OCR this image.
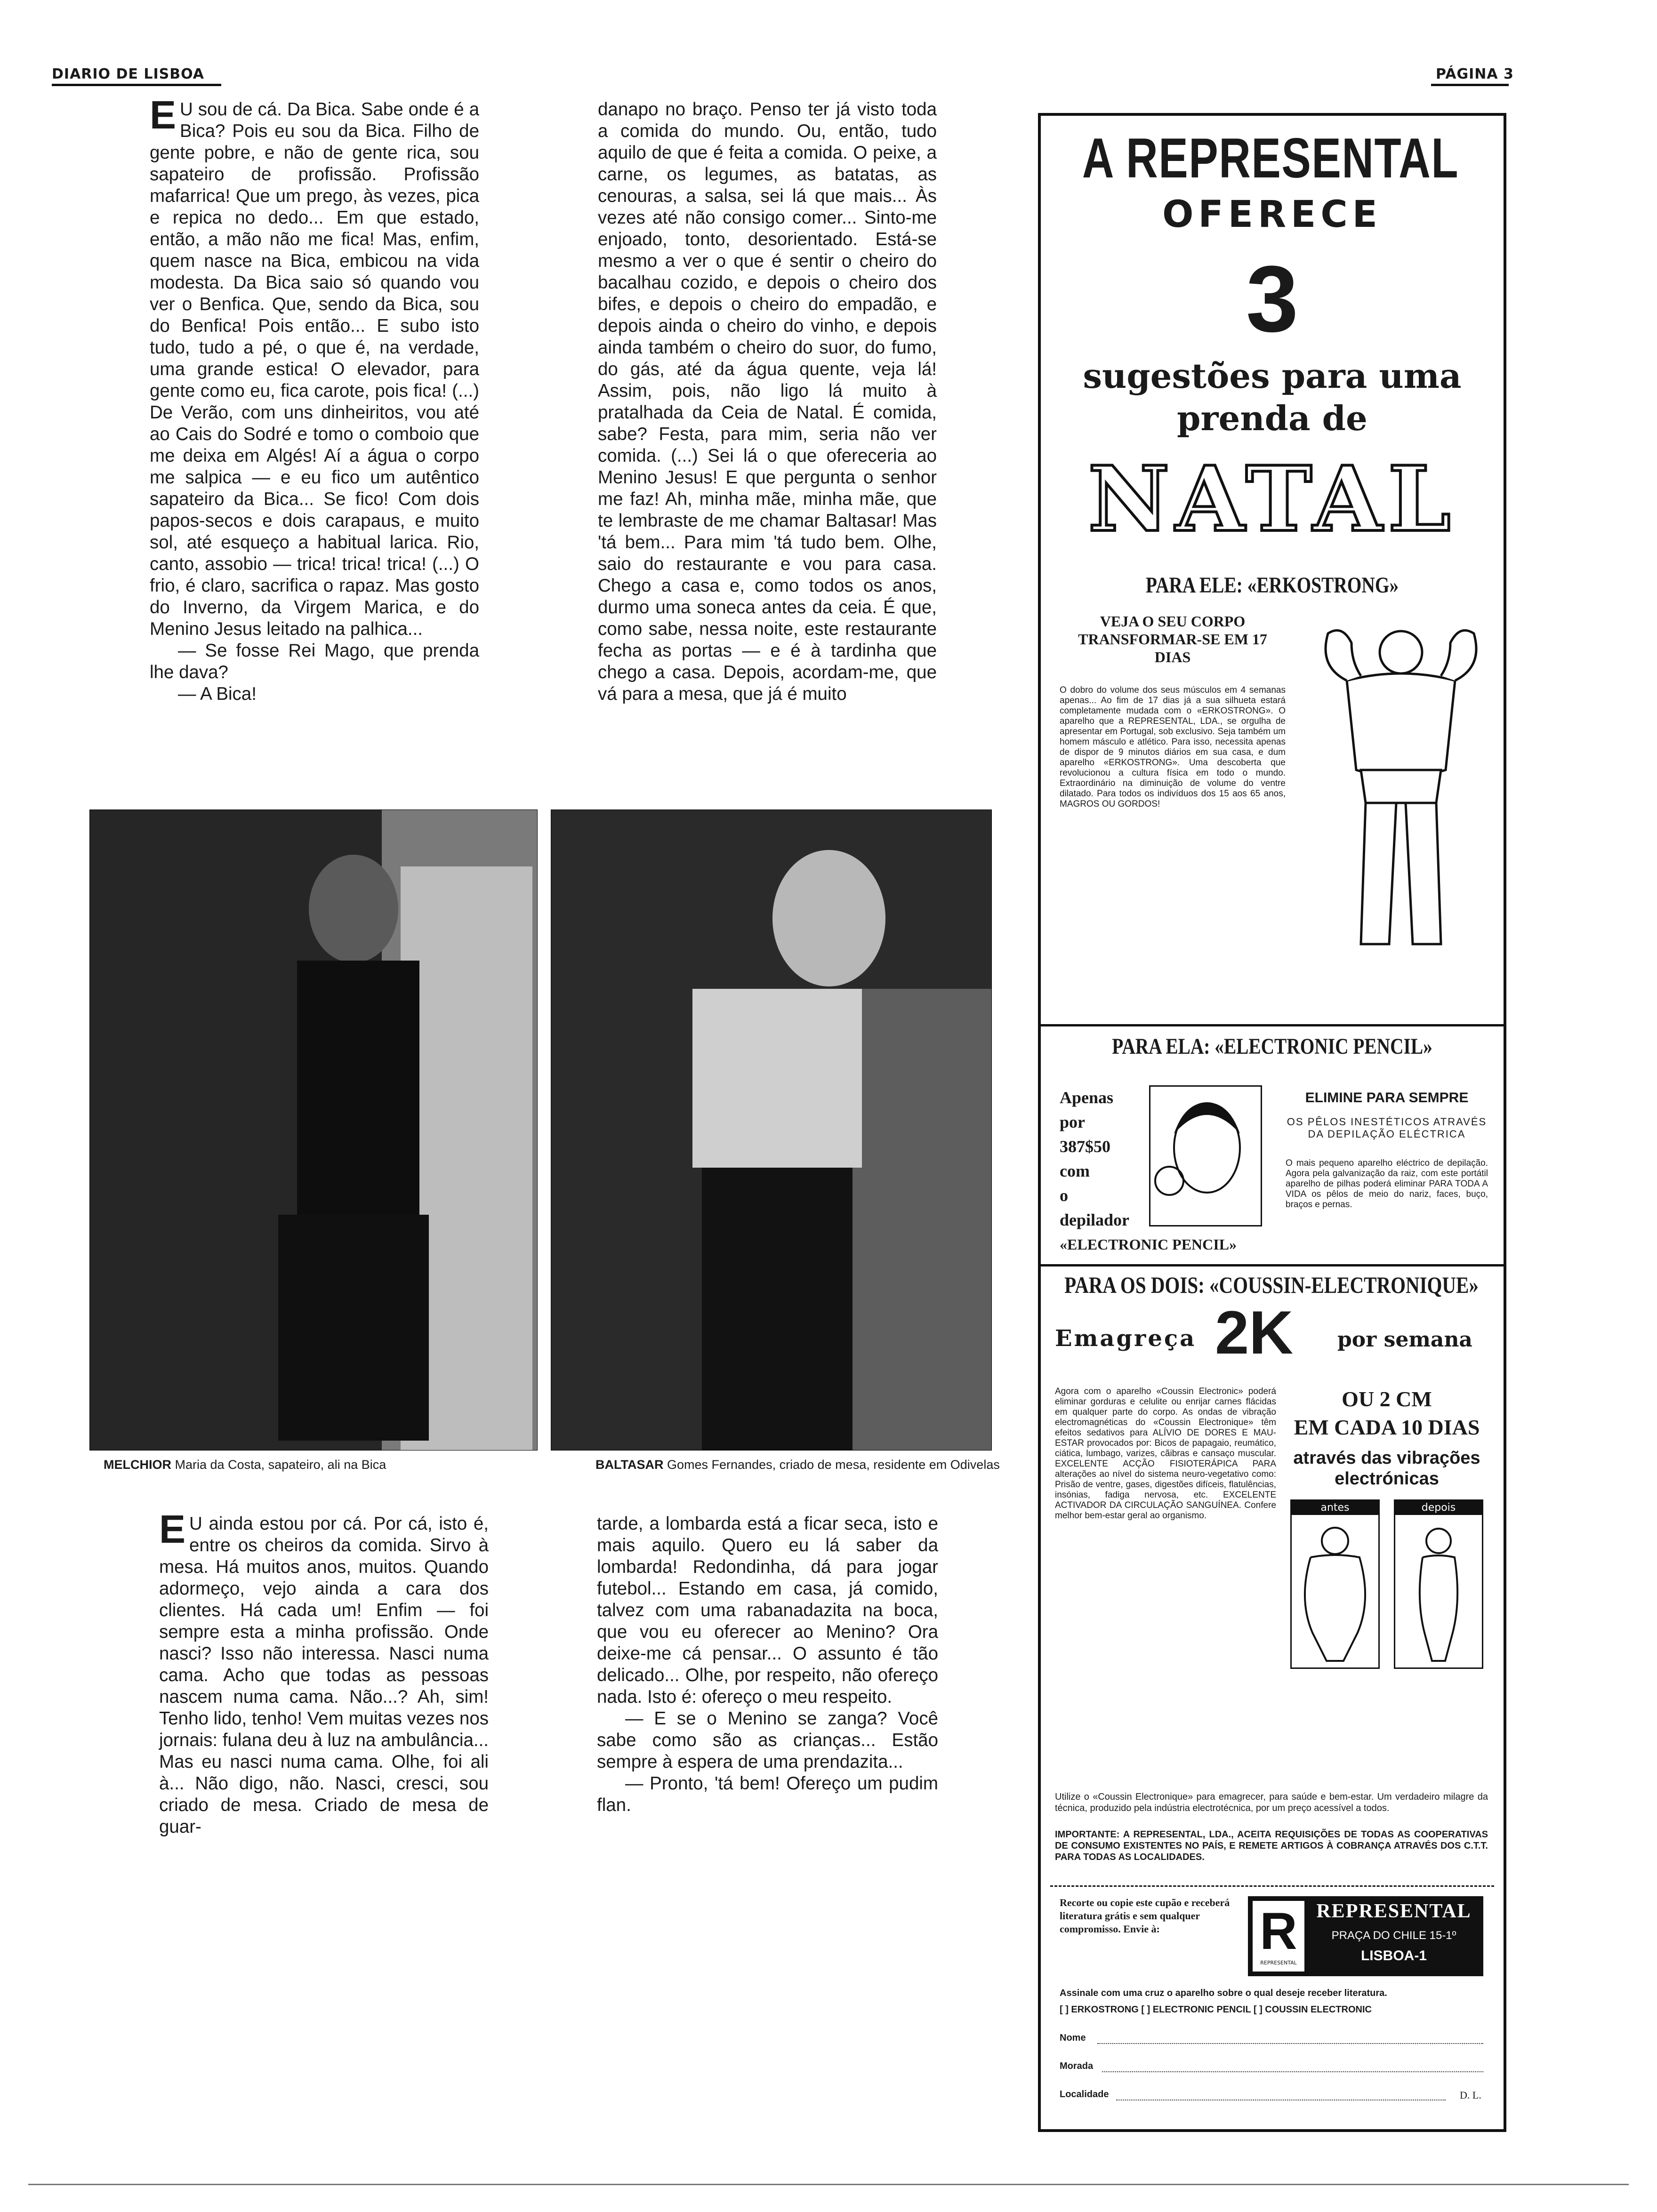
DIARIO DE LISBOA	PÁGINA 3

EU sou de cá. Da Bica. Sabe onde é a Bica? Pois eu sou da Bica. Filho de gente pobre, e não de gente rica, sou sapateiro de profissão. Profissão mafarrica! Que um prego, às vezes, pica e repica no dedo... Em que estado, então, a mão não me fica! Mas, enfim, quem nasce na Bica, embicou na vida modesta. Da Bica saio só quando vou ver o Benfica. Que, sendo da Bica, sou do Benfica! Pois então... E subo isto tudo, tudo a pé, o que é, na verdade, uma grande estica! O elevador, para gente como eu, fica carote, pois fica! (...) De Verão, com uns dinheiritos, vou até ao Cais do Sodré e tomo o comboio que me deixa em Algés! Aí a água o corpo me salpica — e eu fico um autêntico sapateiro da Bica... Se fico! Com dois papos-secos e dois carapaus, e muito sol, até esqueço a habitual larica. Rio, canto, assobio — trica! trica! trica! (...) O frio, é claro, sacrifica o rapaz. Mas gosto do Inverno, da Virgem Marica, e do Menino Jesus leitado na palhica...

— Se fosse Rei Mago, que prenda lhe dava?

— A Bica!

danapo no braço. Penso ter já visto toda a comida do mundo. Ou, então, tudo aquilo de que é feita a comida. O peixe, a carne, os legumes, as batatas, as cenouras, a salsa, sei lá que mais... Às vezes até não consigo comer... Sinto-me enjoado, tonto, desorientado. Está-se mesmo a ver o que é sentir o cheiro do bacalhau cozido, e depois o cheiro dos bifes, e depois o cheiro do empadão, e depois ainda o cheiro do vinho, e depois ainda também o cheiro do suor, do fumo, do gás, até da água quente, veja lá! Assim, pois, não ligo lá muito à pratalhada da Ceia de Natal. É comida, sabe? Festa, para mim, seria não ver comida. (...) Sei lá o que ofereceria ao Menino Jesus! E que pergunta o senhor me faz! Ah, minha mãe, minha mãe, que te lembraste de me chamar Baltasar! Mas 'tá bem... Para mim 'tá tudo bem. Olhe, saio do restaurante e vou para casa. Chego a casa e, como todos os anos, durmo uma soneca antes da ceia. É que, como sabe, nessa noite, este restaurante fecha as portas — e é à tardinha que chego a casa. Depois, acordam-me, que vá para a mesa, que já é muito

MELCHIOR Maria da Costa, sapateiro, ali na Bica	BALTASAR Gomes Fernandes, criado de mesa, residente em Odivelas

EU ainda estou por cá. Por cá, isto é, entre os cheiros da comida. Sirvo à mesa. Há muitos anos, muitos. Quando adormeço, vejo ainda a cara dos clientes. Há cada um! Enfim — foi sempre esta a minha profissão. Onde nasci? Isso não interessa. Nasci numa cama. Acho que todas as pessoas nascem numa cama. Não...? Ah, sim! Tenho lido, tenho! Vem muitas vezes nos jornais: fulana deu à luz na ambulância... Mas eu nasci numa cama. Olhe, foi ali à... Não digo, não. Nasci, cresci, sou criado de mesa. Criado de mesa de guar-

tarde, a lombarda está a ficar seca, isto e mais aquilo. Quero eu lá saber da lombarda! Redondinha, dá para jogar futebol... Estando em casa, já comido, talvez com uma rabanadazita na boca, que vou eu oferecer ao Menino? Ora deixe-me cá pensar... O assunto é tão delicado... Olhe, por respeito, não ofereço nada. Isto é: ofereço o meu respeito.

— E se o Menino se zanga? Você sabe como são as crianças... Estão sempre à espera de uma prendazita...

— Pronto, 'tá bem! Ofereço um pudim flan.

A REPRESENTAL
OFERECE
3
sugestões para uma
prenda de
NATAL
PARA ELE: «ERKOSTRONG»
VEJA O SEU CORPO TRANSFORMAR-SE EM 17 DIAS
O dobro do volume dos seus músculos em 4 semanas apenas... Ao fim de 17 dias já a sua silhueta estará completamente mudada com o «ERKOSTRONG». O aparelho que a REPRESENTAL, LDA., se orgulha de apresentar em Portugal, sob exclusivo. Seja também um homem másculo e atlético. Para isso, necessita apenas de dispor de 9 minutos diários em sua casa, e dum aparelho «ERKOSTRONG». Uma descoberta que revolucionou a cultura física em todo o mundo. Extraordinário na diminuição de volume do ventre dilatado. Para todos os indivíduos dos 15 aos 65 anos, MAGROS OU GORDOS!
PARA ELA: «ELECTRONIC PENCIL»
Apenas
por
387$50
com
o
depilador
«ELECTRONIC PENCIL»
ELIMINE PARA SEMPRE
OS PÊLOS INESTÉTICOS ATRAVÉS DA DEPILAÇÃO ELÉCTRICA
O mais pequeno aparelho eléctrico de depilação. Agora pela galvanização da raiz, com este portátil aparelho de pilhas poderá eliminar PARA TODA A VIDA os pêlos de meio do nariz, faces, buço, braços e pernas.
PARA OS DOIS: «COUSSIN-ELECTRONIQUE»
Emagreça 2K	por semana
Agora com o aparelho «Coussin Electronic» poderá eliminar gorduras e celulite ou enrijar carnes flácidas em qualquer parte do corpo. As ondas de vibração electromagnéticas do «Coussin Electronique» têm efeitos sedativos para ALÍVIO DE DORES E MAU-ESTAR provocados por: Bicos de papagaio, reumático, ciática, lumbago, varizes, cãibras e cansaço muscular. EXCELENTE ACÇÃO FISIOTERÁPICA PARA alterações ao nível do sistema neuro-vegetativo como: Prisão de ventre, gases, digestões difíceis, flatulências, insónias, fadiga nervosa, etc. EXCELENTE ACTIVADOR DA CIRCULAÇÃO SANGUÍNEA. Confere melhor bem-estar geral ao organismo.
OU 2 CM
EM CADA 10 DIAS
através das vibrações electrónicas
antes	depois
Utilize o «Coussin Electronique» para emagrecer, para saúde e bem-estar. Um verdadeiro milagre da técnica, produzido pela indústria electrotécnica, por um preço acessível a todos.
IMPORTANTE: A REPRESENTAL, LDA., ACEITA REQUISIÇÕES DE TODAS AS COOPERATIVAS DE CONSUMO EXISTENTES NO PAÍS, E REMETE ARTIGOS À COBRANÇA ATRAVÉS DOS C.T.T. PARA TODAS AS LOCALIDADES.
Recorte ou copie este cupão e receberá literatura grátis e sem qualquer compromisso. Envie à:	R
REPRESENTAL
REPRESENTAL
PRAÇA DO CHILE 15-1º
LISBOA-1
Assinale com uma cruz o aparelho sobre o qual deseje receber literatura.
[ ] ERKOSTRONG [ ] ELECTRONIC PENCIL [ ] COUSSIN ELECTRONIC
Nome
Morada
Localidade	D. L.
